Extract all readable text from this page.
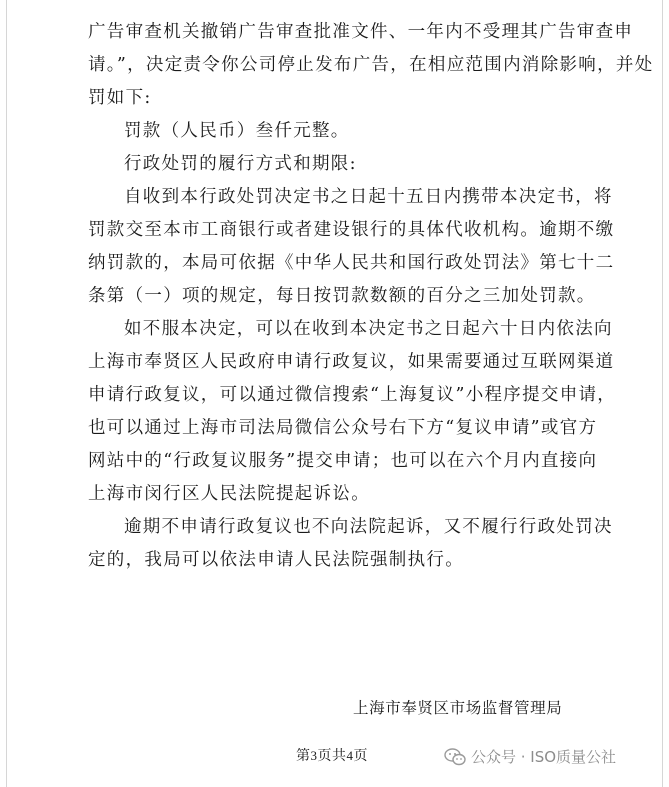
广告审查机关撤销广告审查批准文件、一年内不受理其广告审查申
请。”，决定责令你公司停止发布广告，在相应范围内消除影响，并处
罚如下:
罚款（人民币）叁仟元整。
行政处罚的履行方式和期限:
自收到本行政处罚决定书之日起十五日内携带本决定书，将
罚款交至本市工商银行或者建设银行的具体代收机构。逾期不缴
纳罚款的，本局可依据《中华人民共和国行政处罚法》第七十二
条第（一）项的规定，每日按罚款数额的百分之三加处罚款。
如不服本决定，可以在收到本决定书之日起六十日内依法向
上海市奉贤区人民政府申请行政复议，如果需要通过互联网渠道
申请行政复议，可以通过微信搜索“上海复议”小程序提交申请，
也可以通过上海市司法局微信公众号右下方“复议申请”或官方
网站中的“行政复议服务”提交申请；也可以在六个月内直接向
上海市闵行区人民法院提起诉讼。
逾期不申请行政复议也不向法院起诉，又不履行行政处罚决
定的，我局可以依法申请人民法院强制执行。
上海市奉贤区市场监督管理局
第3页共4页	公众号 · ISO质量公社
